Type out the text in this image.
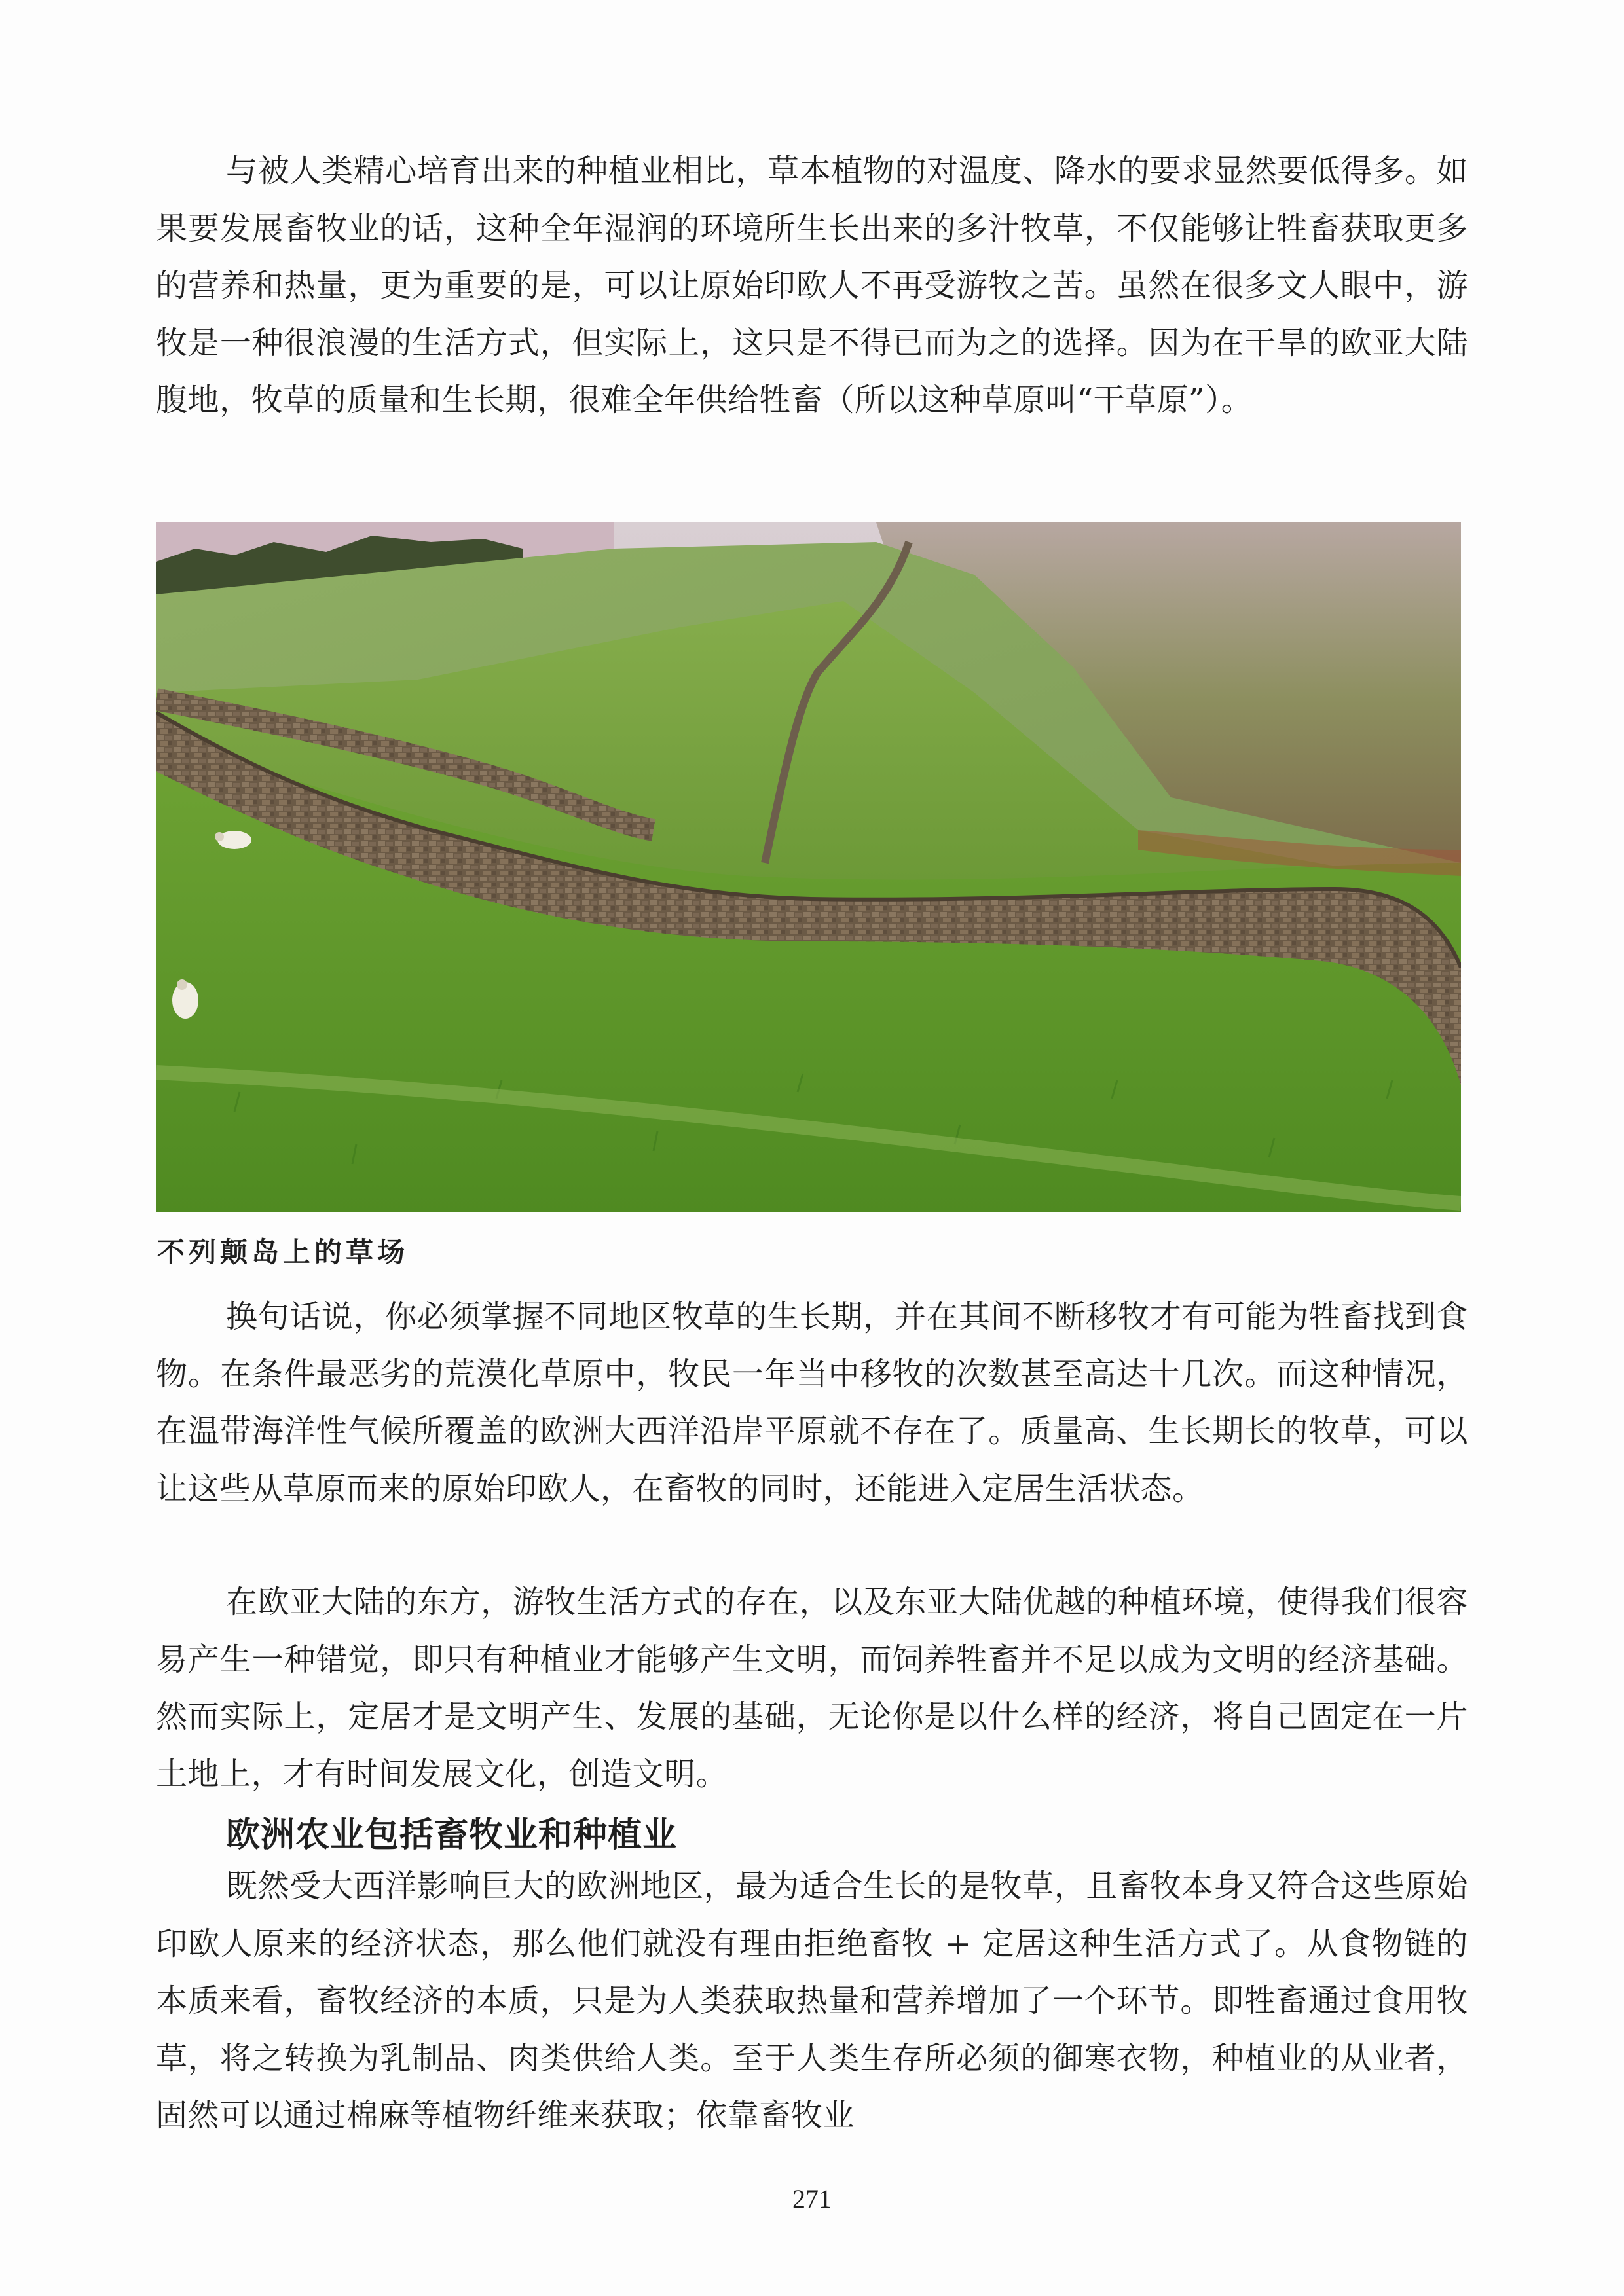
与被人类精心培育出来的种植业相比，草本植物的对温度、降水的要求显然要低得多。如果要发展畜牧业的话，这种全年湿润的环境所生长出来的多汁牧草，不仅能够让牲畜获取更多的营养和热量，更为重要的是，可以让原始印欧人不再受游牧之苦。虽然在很多文人眼中，游牧是一种很浪漫的生活方式，但实际上，这只是不得已而为之的选择。因为在干旱的欧亚大陆腹地，牧草的质量和生长期，很难全年供给牲畜（所以这种草原叫“干草原”）。

不列颠岛上的草场

换句话说，你必须掌握不同地区牧草的生长期，并在其间不断移牧才有可能为牲畜找到食物。在条件最恶劣的荒漠化草原中，牧民一年当中移牧的次数甚至高达十几次。而这种情况，在温带海洋性气候所覆盖的欧洲大西洋沿岸平原就不存在了。质量高、生长期长的牧草，可以让这些从草原而来的原始印欧人，在畜牧的同时，还能进入定居生活状态。

在欧亚大陆的东方，游牧生活方式的存在，以及东亚大陆优越的种植环境，使得我们很容易产生一种错觉，即只有种植业才能够产生文明，而饲养牲畜并不足以成为文明的经济基础。然而实际上，定居才是文明产生、发展的基础，无论你是以什么样的经济，将自己固定在一片土地上，才有时间发展文化，创造文明。

欧洲农业包括畜牧业和种植业

既然受大西洋影响巨大的欧洲地区，最为适合生长的是牧草，且畜牧本身又符合这些原始印欧人原来的经济状态，那么他们就没有理由拒绝畜牧 + 定居这种生活方式了。从食物链的本质来看，畜牧经济的本质，只是为人类获取热量和营养增加了一个环节。即牲畜通过食用牧草，将之转换为乳制品、肉类供给人类。至于人类生存所必须的御寒衣物，种植业的从业者，固然可以通过棉麻等植物纤维来获取；依靠畜牧业

271
